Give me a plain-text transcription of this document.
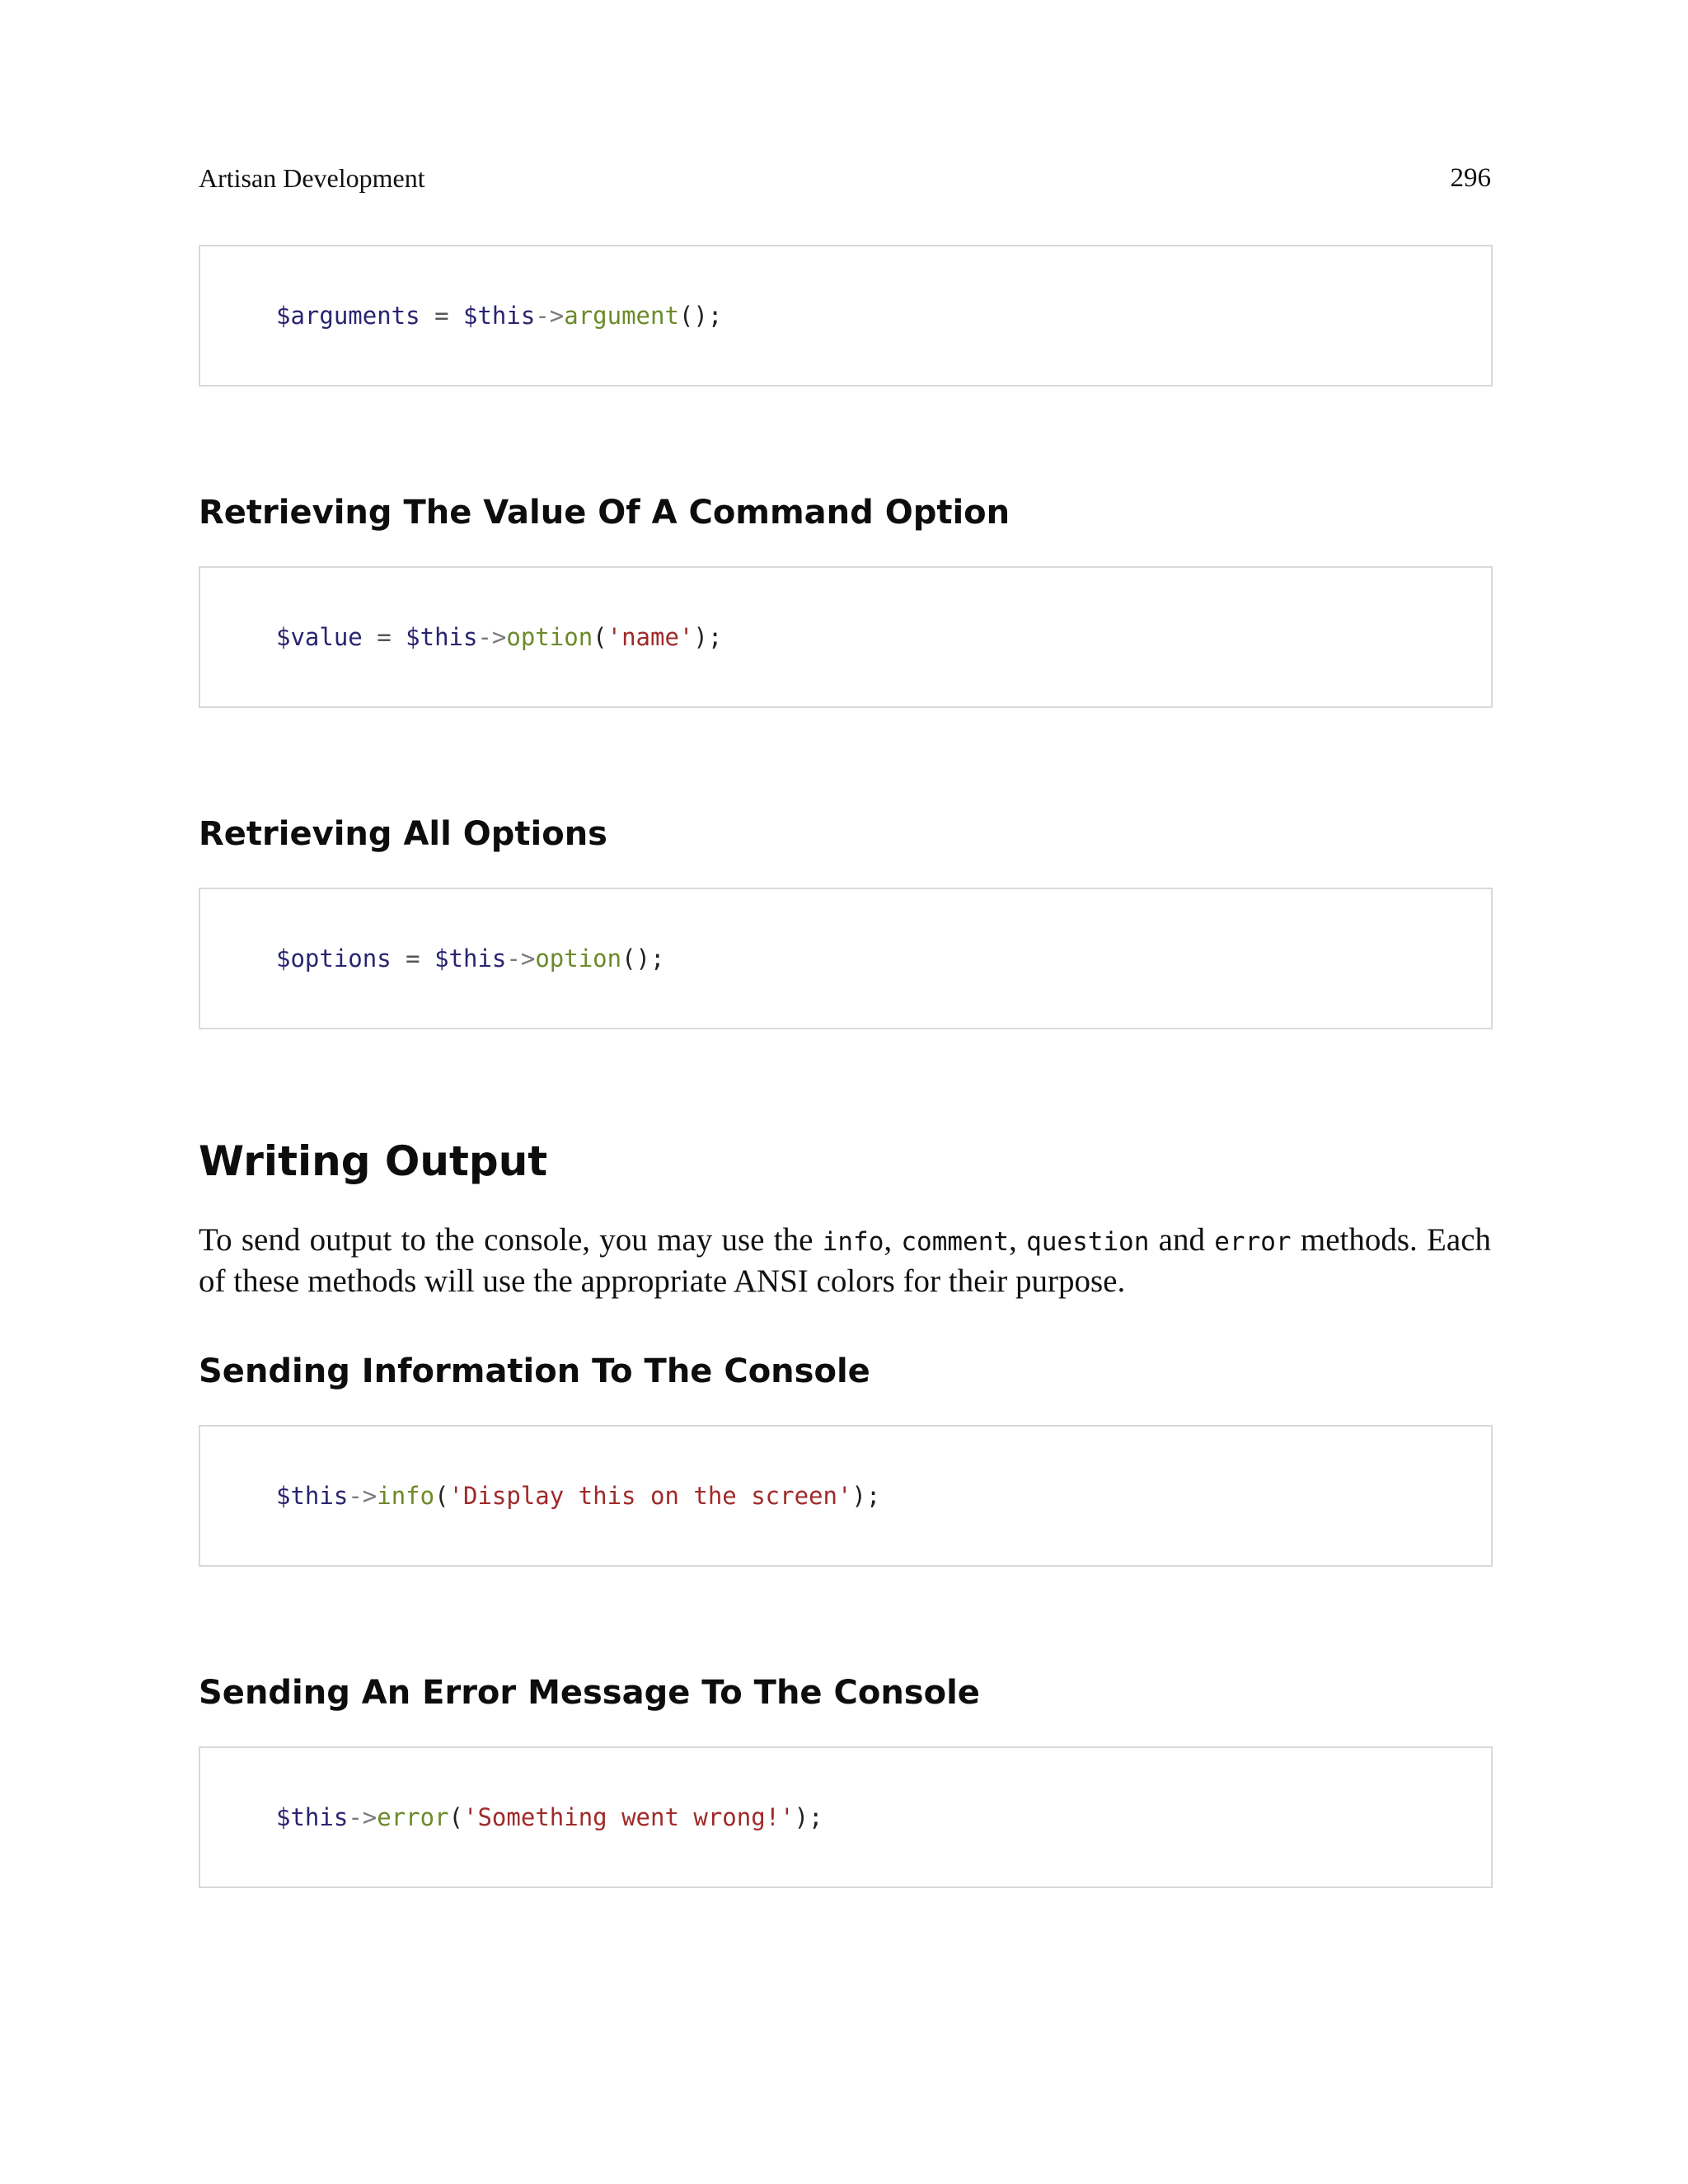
Artisan Development	296
$arguments = $this->argument();
Retrieving The Value Of A Command Option
$value = $this->option('name');
Retrieving All Options
$options = $this->option();
Writing Output

To send output to the console, you may use the info, comment, question and error methods. Each of these methods will use the appropriate ANSI colors for their purpose.

Sending Information To The Console
$this->info('Display this on the screen');
Sending An Error Message To The Console
$this->error('Something went wrong!');
